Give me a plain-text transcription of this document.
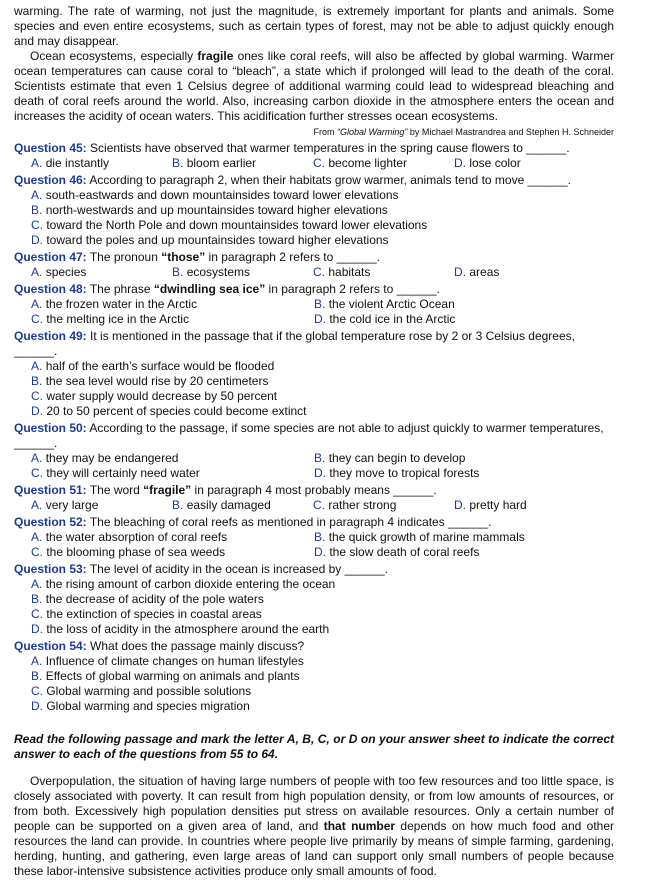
warming. The rate of warming, not just the magnitude, is extremely important for plants and animals. Some species and even entire ecosystems, such as certain types of forest, may not be able to adjust quickly enough and may disappear.

Ocean ecosystems, especially fragile ones like coral reefs, will also be affected by global warming. Warmer ocean temperatures can cause coral to “bleach”, a state which if prolonged will lead to the death of the coral. Scientists estimate that even 1 Celsius degree of additional warming could lead to widespread bleaching and death of coral reefs around the world. Also, increasing carbon dioxide in the atmosphere enters the ocean and increases the acidity of ocean waters. This acidification further stresses ocean ecosystems.

From “Global Warming” by Michael Mastrandrea and Stephen H. Schneider
Question 45: Scientists have observed that warmer temperatures in the spring cause flowers to ______.
A. die instantly	B. bloom earlier	C. become lighter	D. lose color
Question 46: According to paragraph 2, when their habitats grow warmer, animals tend to move ______.
A. south-eastwards and down mountainsides toward lower elevations
B. north-westwards and up mountainsides toward higher elevations
C. toward the North Pole and down mountainsides toward lower elevations
D. toward the poles and up mountainsides toward higher elevations
Question 47: The pronoun “those” in paragraph 2 refers to ______.
A. species	B. ecosystems	C. habitats	D. areas
Question 48: The phrase “dwindling sea ice” in paragraph 2 refers to ______.
A. the frozen water in the Arctic	B. the violent Arctic Ocean
C. the melting ice in the Arctic	D. the cold ice in the Arctic
Question 49: It is mentioned in the passage that if the global temperature rose by 2 or 3 Celsius degrees, ______.
A. half of the earth’s surface would be flooded
B. the sea level would rise by 20 centimeters
C. water supply would decrease by 50 percent
D. 20 to 50 percent of species could become extinct
Question 50: According to the passage, if some species are not able to adjust quickly to warmer temperatures, ______.
A. they may be endangered	B. they can begin to develop
C. they will certainly need water	D. they move to tropical forests
Question 51: The word “fragile” in paragraph 4 most probably means ______.
A. very large	B. easily damaged	C. rather strong	D. pretty hard
Question 52: The bleaching of coral reefs as mentioned in paragraph 4 indicates ______.
A. the water absorption of coral reefs	B. the quick growth of marine mammals
C. the blooming phase of sea weeds	D. the slow death of coral reefs
Question 53: The level of acidity in the ocean is increased by ______.
A. the rising amount of carbon dioxide entering the ocean
B. the decrease of acidity of the pole waters
C. the extinction of species in coastal areas
D. the loss of acidity in the atmosphere around the earth
Question 54: What does the passage mainly discuss?
A. Influence of climate changes on human lifestyles
B. Effects of global warming on animals and plants
C. Global warming and possible solutions
D. Global warming and species migration

Read the following passage and mark the letter A, B, C, or D on your answer sheet to indicate the correct answer to each of the questions from 55 to 64.

Overpopulation, the situation of having large numbers of people with too few resources and too little space, is closely associated with poverty. It can result from high population density, or from low amounts of resources, or from both. Excessively high population densities put stress on available resources. Only a certain number of people can be supported on a given area of land, and that number depends on how much food and other resources the land can provide. In countries where people live primarily by means of simple farming, gardening, herding, hunting, and gathering, even large areas of land can support only small numbers of people because these labor-intensive subsistence activities produce only small amounts of food.
